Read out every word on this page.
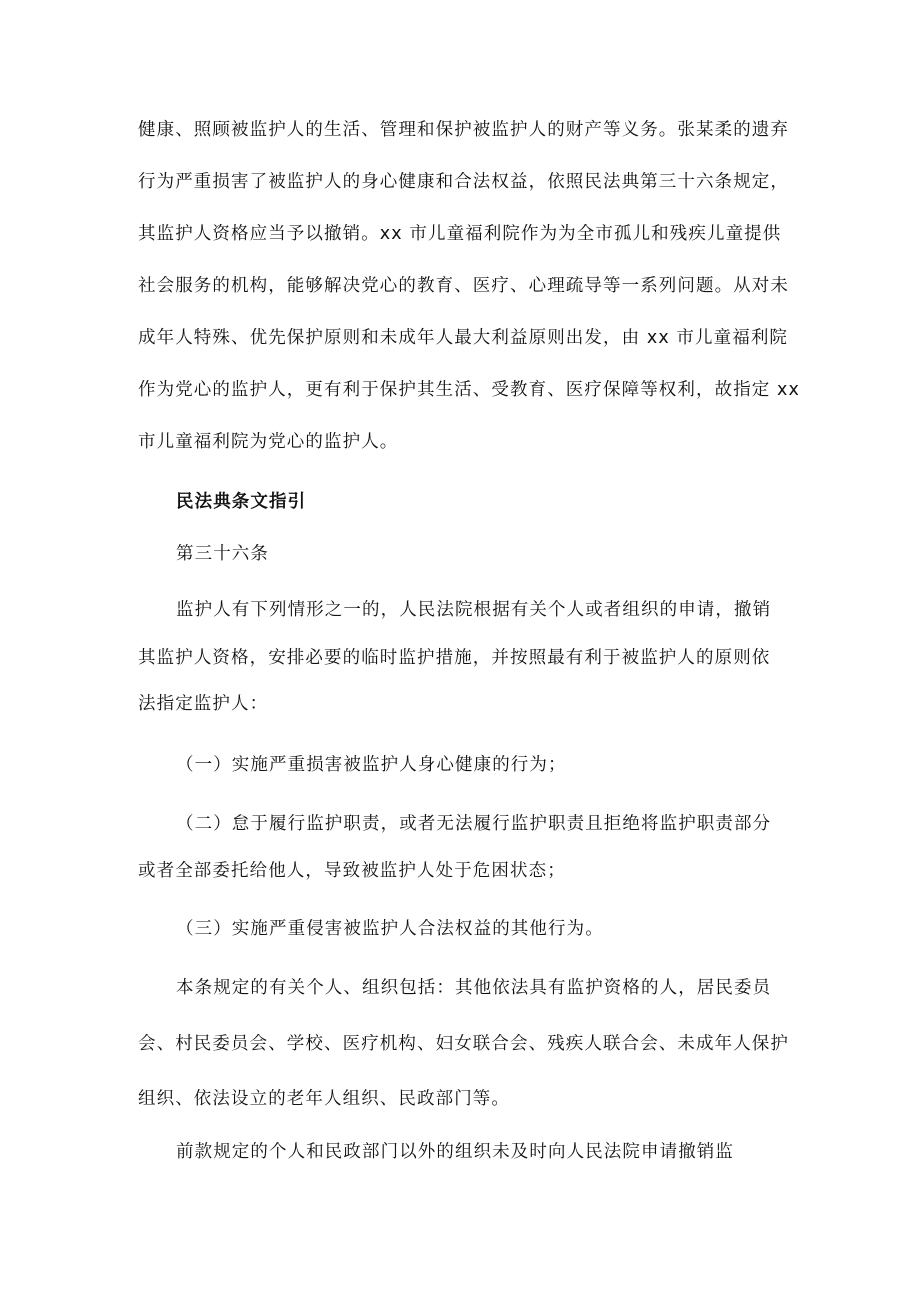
健康、照顾被监护人的生活、管理和保护被监护人的财产等义务。张某柔的遗弃
行为严重损害了被监护人的身心健康和合法权益，依照民法典第三十六条规定，
其监护人资格应当予以撤销。xx 市儿童福利院作为为全市孤儿和残疾儿童提供
社会服务的机构，能够解决党心的教育、医疗、心理疏导等一系列问题。从对未
成年人特殊、优先保护原则和未成年人最大利益原则出发，由 xx 市儿童福利院
作为党心的监护人，更有利于保护其生活、受教育、医疗保障等权利，故指定 xx
市儿童福利院为党心的监护人。
民法典条文指引
第三十六条
监护人有下列情形之一的，人民法院根据有关个人或者组织的申请，撤销
其监护人资格，安排必要的临时监护措施，并按照最有利于被监护人的原则依
法指定监护人：
（一）实施严重损害被监护人身心健康的行为；
（二）怠于履行监护职责，或者无法履行监护职责且拒绝将监护职责部分
或者全部委托给他人，导致被监护人处于危困状态；
（三）实施严重侵害被监护人合法权益的其他行为。
本条规定的有关个人、组织包括：其他依法具有监护资格的人，居民委员
会、村民委员会、学校、医疗机构、妇女联合会、残疾人联合会、未成年人保护
组织、依法设立的老年人组织、民政部门等。
前款规定的个人和民政部门以外的组织未及时向人民法院申请撤销监
